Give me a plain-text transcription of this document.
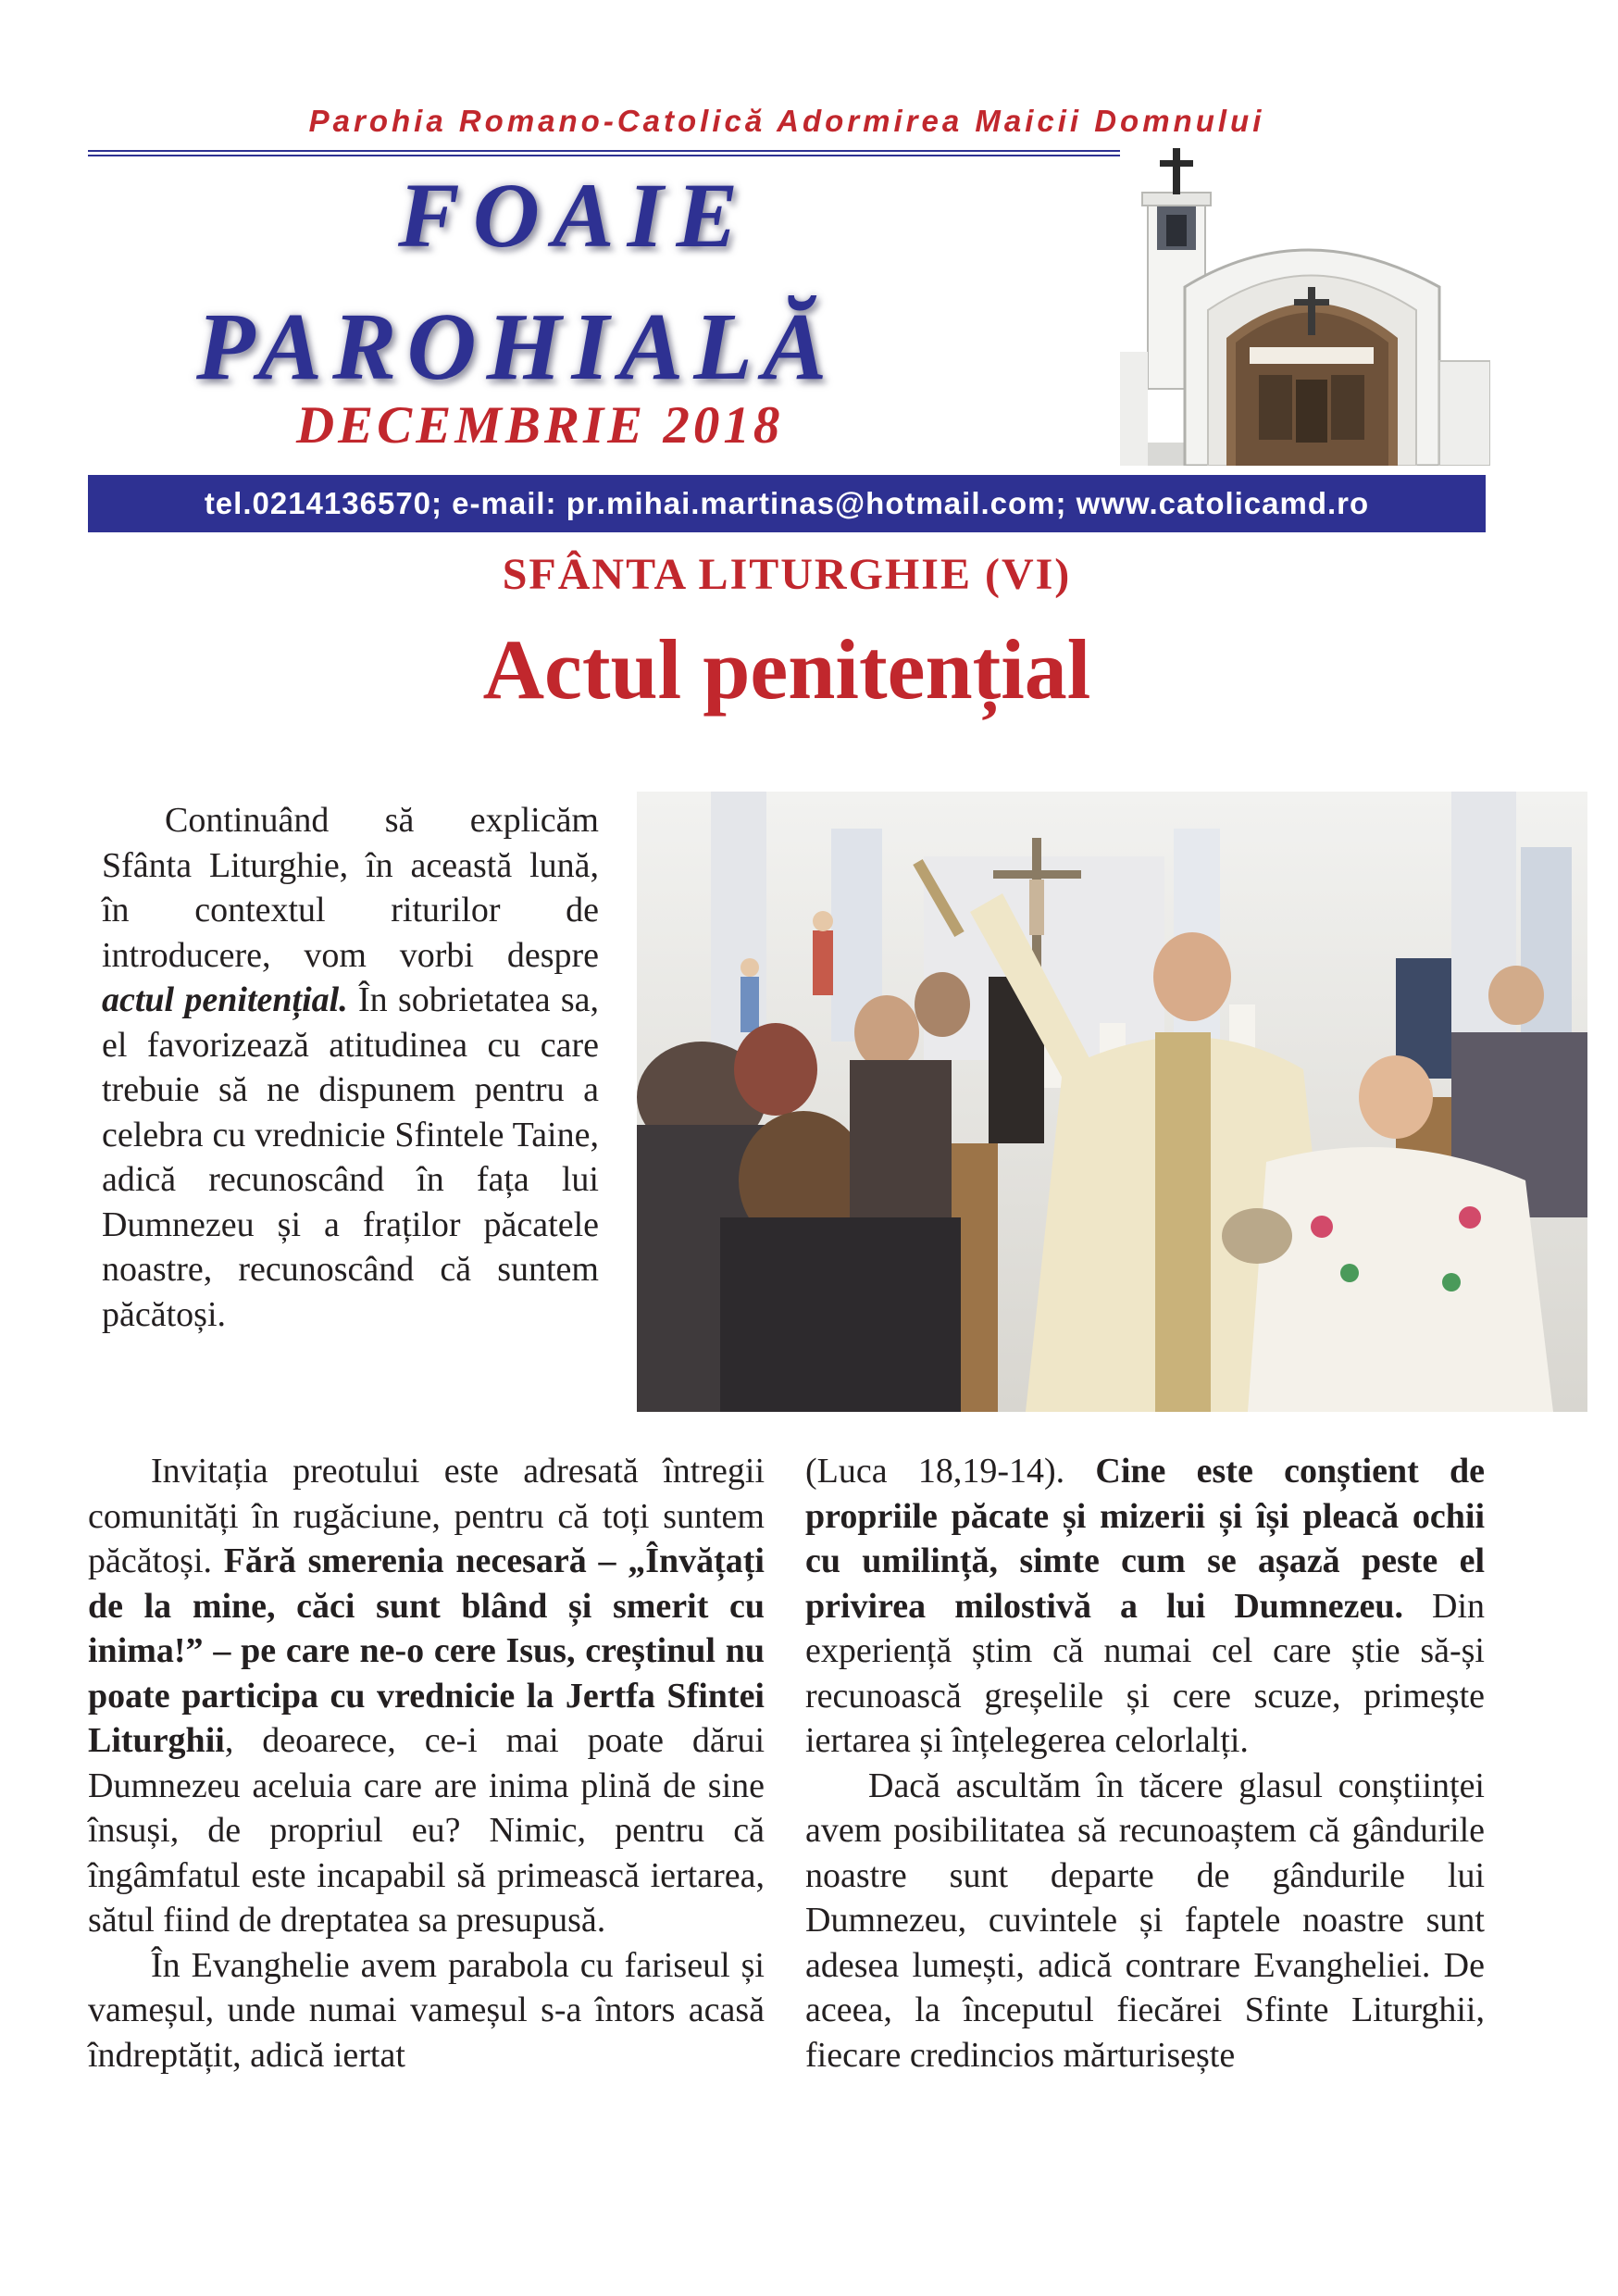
Parohia Romano-Catolică Adormirea Maicii Domnului
FOAIE
PAROHIALĂ
DECEMBRIE 2018
tel.0214136570; e-mail: pr.mihai.martinas@hotmail.com; www.catolicamd.ro
SFÂNTA LITURGHIE (VI)
Actul penitențial

Continuând să explicăm Sfânta Liturghie, în această lună, în contextul riturilor de introducere, vom vorbi despre actul penitențial. În sobrietatea sa, el favorizează atitudinea cu care trebuie să ne dispunem pentru a celebra cu vrednicie Sfintele Taine, adică recunoscând în fața lui Dumnezeu și a fraților păcatele noastre, recunoscând că suntem păcătoși.

Invitația preotului este adresată întregii comunități în rugăciune, pentru că toți suntem păcătoși. Fără smerenia necesară – „Învățați de la mine, căci sunt blând și smerit cu inima!” – pe care ne-o cere Isus, creștinul nu poate participa cu vrednicie la Jertfa Sfintei Liturghii, deoarece, ce-i mai poate dărui Dumnezeu aceluia care are inima plină de sine însuși, de propriul eu? Nimic, pentru că îngâmfatul este incapabil să primească iertarea, sătul fiind de dreptatea sa presupusă.

În Evanghelie avem parabola cu fariseul și vameșul, unde numai vameșul s-a întors acasă îndreptățit, adică iertat

(Luca 18,19-14). Cine este conștient de propriile păcate și mizerii și își pleacă ochii cu umilință, simte cum se așază peste el privirea milostivă a lui Dumnezeu. Din experiență știm că numai cel care știe să-și recunoască greșelile și cere scuze, primește iertarea și înțelegerea celorlalți.

Dacă ascultăm în tăcere glasul conștiinței avem posibilitatea să recunoaștem că gândurile noastre sunt departe de gândurile lui Dumnezeu, cuvintele și faptele noastre sunt adesea lumești, adică contrare Evangheliei. De aceea, la începutul fiecărei Sfinte Liturghii, fiecare credincios mărturisește
